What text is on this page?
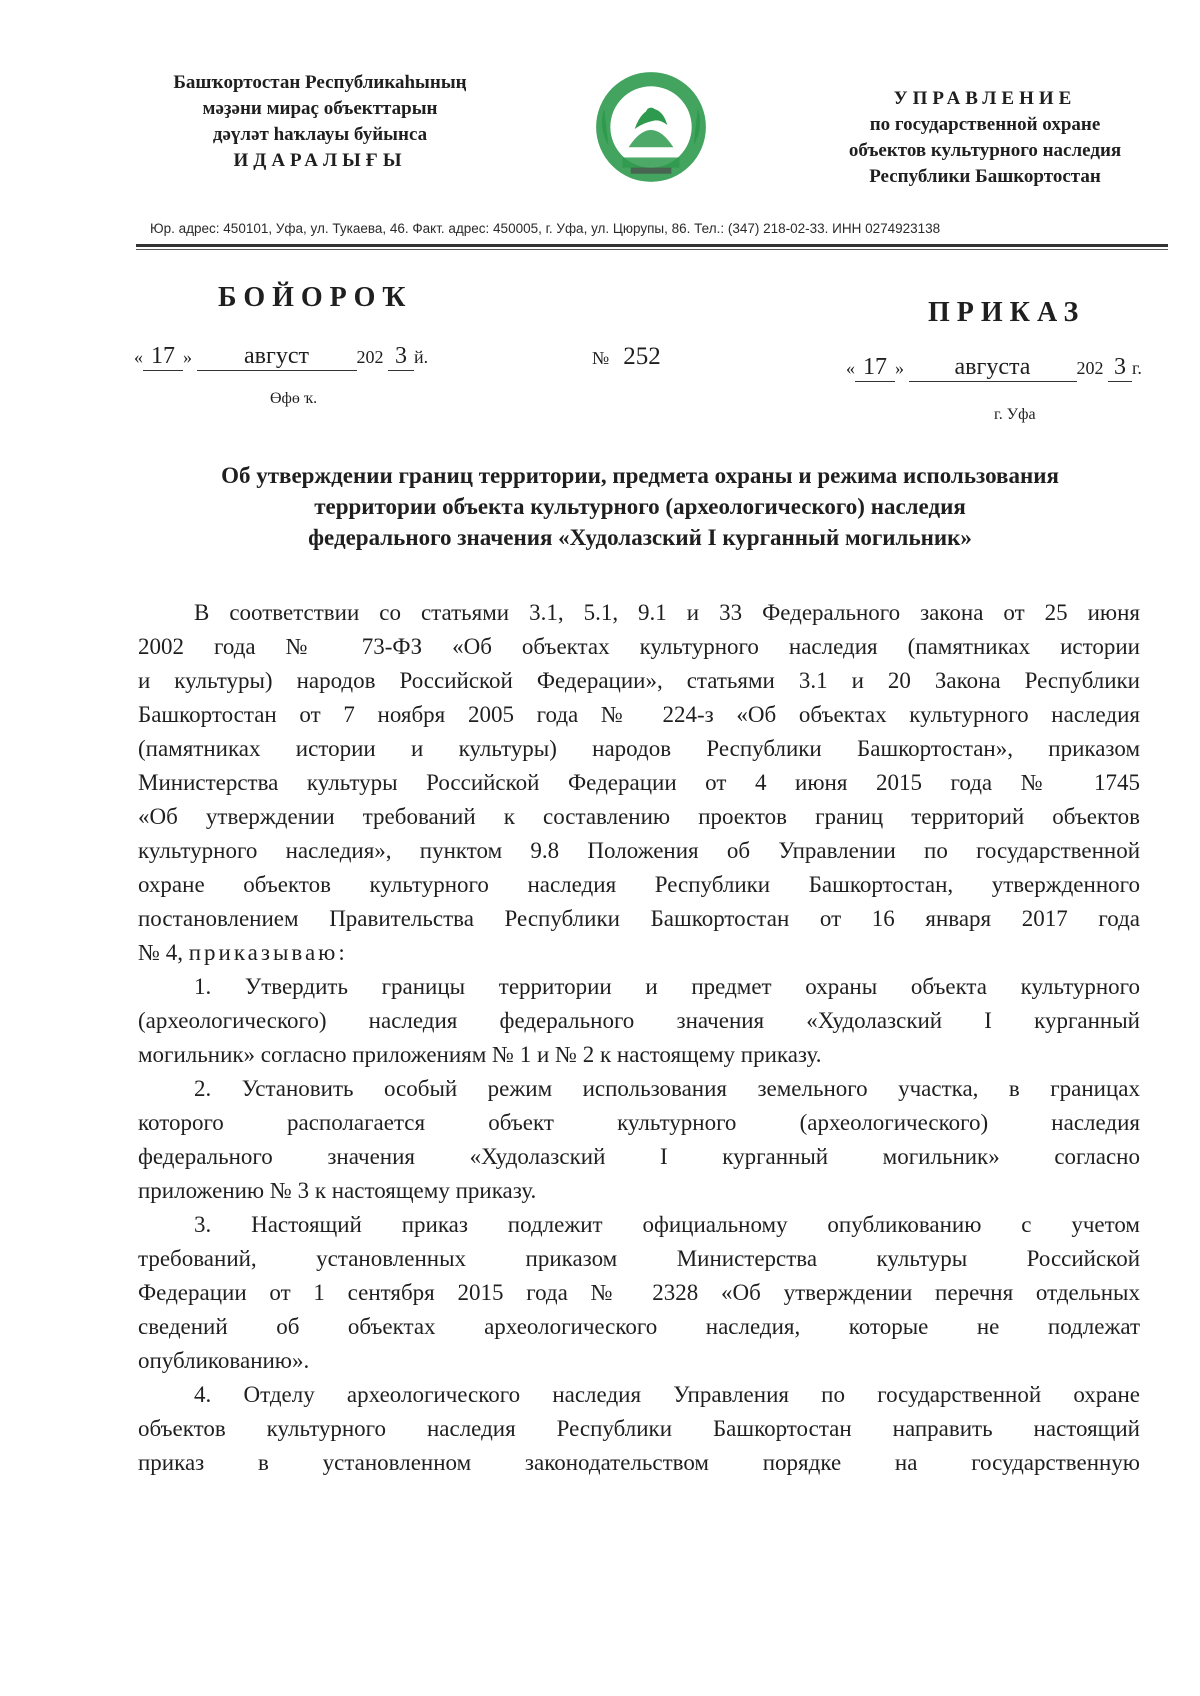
Башҡортостан Республикаһының
мәҙәни мираҫ объекттарын
дәүләт һаҡлауы буйынса
ИДАРАЛЫҒЫ
УПРАВЛЕНИЕ
по государственной охране
объектов культурного наследия
Республики Башкортостан
Юр. адрес: 450101, Уфа, ул. Тукаева, 46. Факт. адрес: 450005, г. Уфа, ул. Цюрупы, 86. Тел.: (347) 218-02-33. ИНН 0274923138
БОЙОРОҠ	ПРИКАЗ
« 17 » август	202 3 й.
Өфө ҡ.
№ 252	« 17 » августа	202 3 г.
г. Уфа
Об утверждении границ территории, предмета охраны и режима использования
территории объекта культурного (археологического) наследия
федерального значения «Худолазский I курганный могильник»

В соответствии со статьями 3.1, 5.1, 9.1 и 33 Федерального закона от 25 июня

2002 года № 73-ФЗ «Об объектах культурного наследия (памятниках истории

и культуры) народов Российской Федерации», статьями 3.1 и 20 Закона Республики

Башкортостан от 7 ноября 2005 года № 224-з «Об объектах культурного наследия

(памятниках истории и культуры) народов Республики Башкортостан», приказом

Министерства культуры Российской Федерации от 4 июня 2015 года № 1745

«Об утверждении требований к составлению проектов границ территорий объектов

культурного наследия», пунктом 9.8 Положения об Управлении по государственной

охране объектов культурного наследия Республики Башкортостан, утвержденного

постановлением Правительства Республики Башкортостан от 16 января 2017 года

№ 4, приказываю:

1. Утвердить границы территории и предмет охраны объекта культурного

(археологического) наследия федерального значения «Худолазский I курганный

могильник» согласно приложениям № 1 и № 2 к настоящему приказу.

2. Установить особый режим использования земельного участка, в границах

которого располагается объект культурного (археологического) наследия

федерального значения «Худолазский I курганный могильник» согласно

приложению № 3 к настоящему приказу.

3. Настоящий приказ подлежит официальному опубликованию с учетом

требований, установленных приказом Министерства культуры Российской

Федерации от 1 сентября 2015 года № 2328 «Об утверждении перечня отдельных

сведений об объектах археологического наследия, которые не подлежат

опубликованию».

4. Отделу археологического наследия Управления по государственной охране

объектов культурного наследия Республики Башкортостан направить настоящий

приказ в установленном законодательством порядке на государственную
